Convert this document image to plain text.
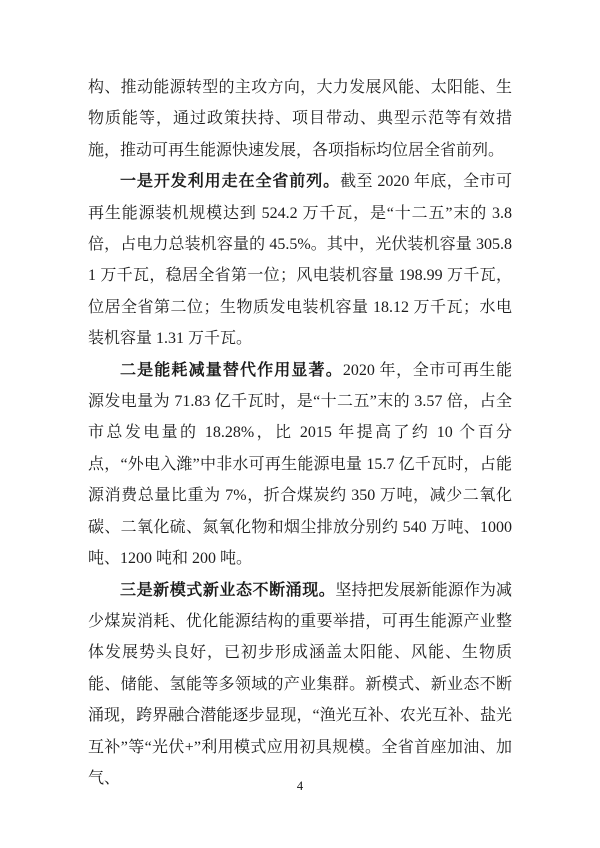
构、推动能源转型的主攻方向，大力发展风能、太阳能、生物质能等，通过政策扶持、项目带动、典型示范等有效措施，推动可再生能源快速发展，各项指标均位居全省前列。

一是开发利用走在全省前列。截至 2020 年底，全市可再生能源装机规模达到 524.2 万千瓦，是“十二五”末的 3.8 倍，占电力总装机容量的 45.5%。其中，光伏装机容量 305.81 万千瓦，稳居全省第一位；风电装机容量 198.99 万千瓦，位居全省第二位；生物质发电装机容量 18.12 万千瓦；水电装机容量 1.31 万千瓦。

二是能耗减量替代作用显著。2020 年，全市可再生能源发电量为 71.83 亿千瓦时，是“十二五”末的 3.57 倍，占全市总发电量的 18.28%，比 2015 年提高了约 10 个百分点，“外电入潍”中非水可再生能源电量 15.7 亿千瓦时，占能源消费总量比重为 7%，折合煤炭约 350 万吨，减少二氧化碳、二氧化硫、氮氧化物和烟尘排放分别约 540 万吨、1000 吨、1200 吨和 200 吨。

三是新模式新业态不断涌现。坚持把发展新能源作为减少煤炭消耗、优化能源结构的重要举措，可再生能源产业整体发展势头良好，已初步形成涵盖太阳能、风能、生物质能、储能、氢能等多领域的产业集群。新模式、新业态不断涌现，跨界融合潜能逐步显现，“渔光互补、农光互补、盐光互补”等“光伏+”利用模式应用初具规模。全省首座加油、加气、	4
